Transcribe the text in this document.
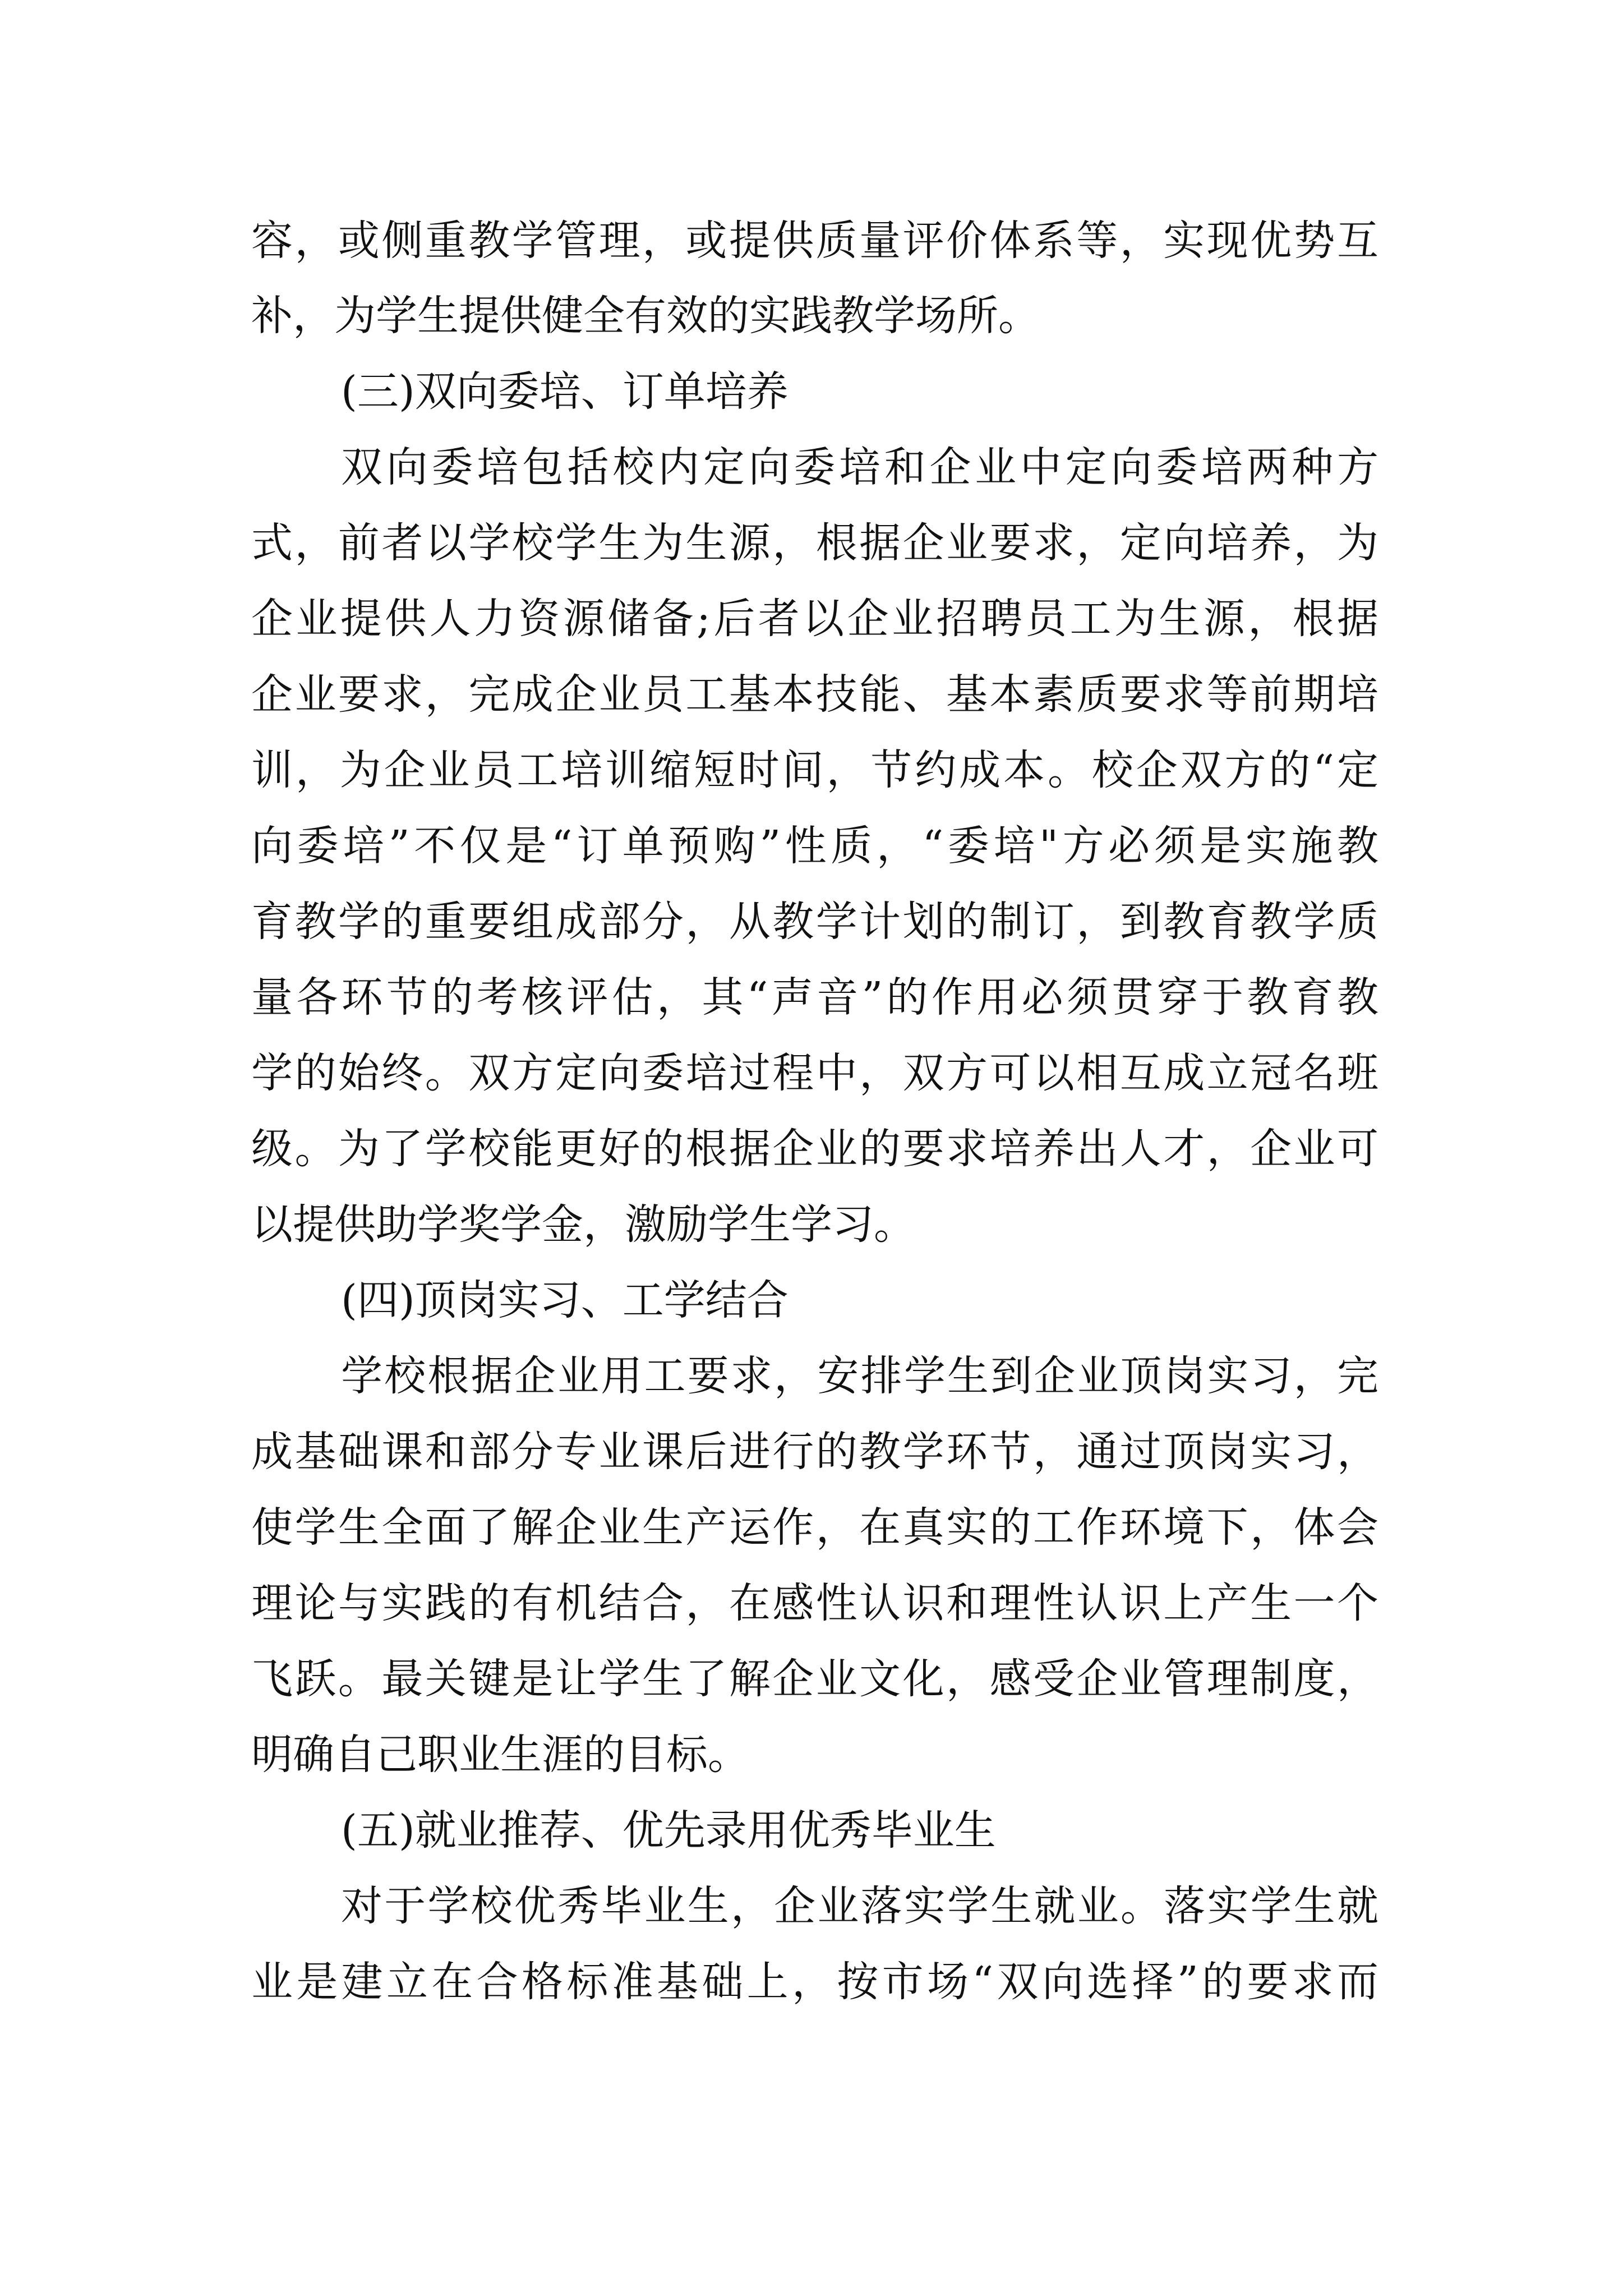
容，或侧重教学管理，或提供质量评价体系等，实现优势互
补，为学生提供健全有效的实践教学场所。
(三)双向委培、订单培养
双向委培包括校内定向委培和企业中定向委培两种方
式，前者以学校学生为生源，根据企业要求，定向培养，为
企业提供人力资源储备;后者以企业招聘员工为生源，根据
企业要求，完成企业员工基本技能、基本素质要求等前期培
训，为企业员工培训缩短时间，节约成本。校企双方的“定
向委培”不仅是“订单预购”性质，“委培"方必须是实施教
育教学的重要组成部分，从教学计划的制订，到教育教学质
量各环节的考核评估，其“声音”的作用必须贯穿于教育教
学的始终。双方定向委培过程中，双方可以相互成立冠名班
级。为了学校能更好的根据企业的要求培养出人才，企业可
以提供助学奖学金，激励学生学习。
(四)顶岗实习、工学结合
学校根据企业用工要求，安排学生到企业顶岗实习，完
成基础课和部分专业课后进行的教学环节，通过顶岗实习，
使学生全面了解企业生产运作，在真实的工作环境下，体会
理论与实践的有机结合，在感性认识和理性认识上产生一个
飞跃。最关键是让学生了解企业文化，感受企业管理制度，
明确自己职业生涯的目标。
(五)就业推荐、优先录用优秀毕业生
对于学校优秀毕业生，企业落实学生就业。落实学生就
业是建立在合格标准基础上，按市场“双向选择”的要求而
